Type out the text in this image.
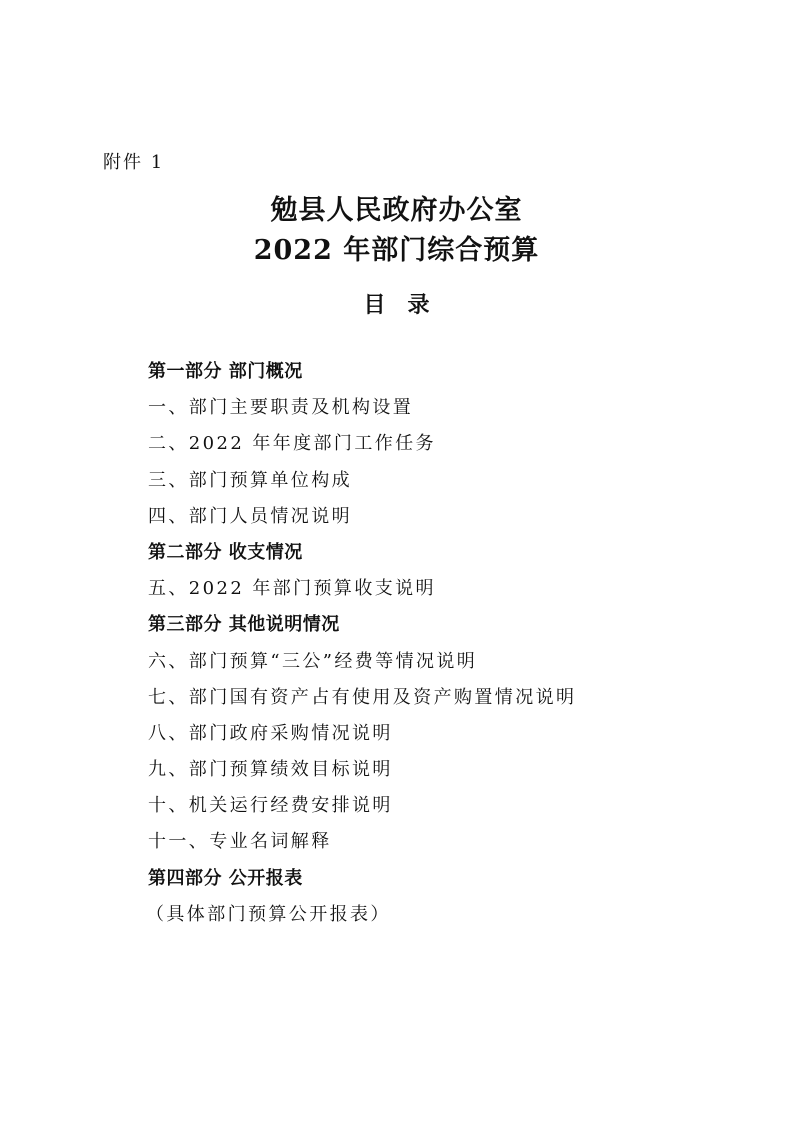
附件 1
勉县人民政府办公室
2022 年部门综合预算
目录
第一部分 部门概况
一、部门主要职责及机构设置
二、2022 年年度部门工作任务
三、部门预算单位构成
四、部门人员情况说明
第二部分 收支情况
五、2022 年部门预算收支说明
第三部分 其他说明情况
六、部门预算“三公”经费等情况说明
七、部门国有资产占有使用及资产购置情况说明
八、部门政府采购情况说明
九、部门预算绩效目标说明
十、机关运行经费安排说明
十一、专业名词解释
第四部分 公开报表
（具体部门预算公开报表）
